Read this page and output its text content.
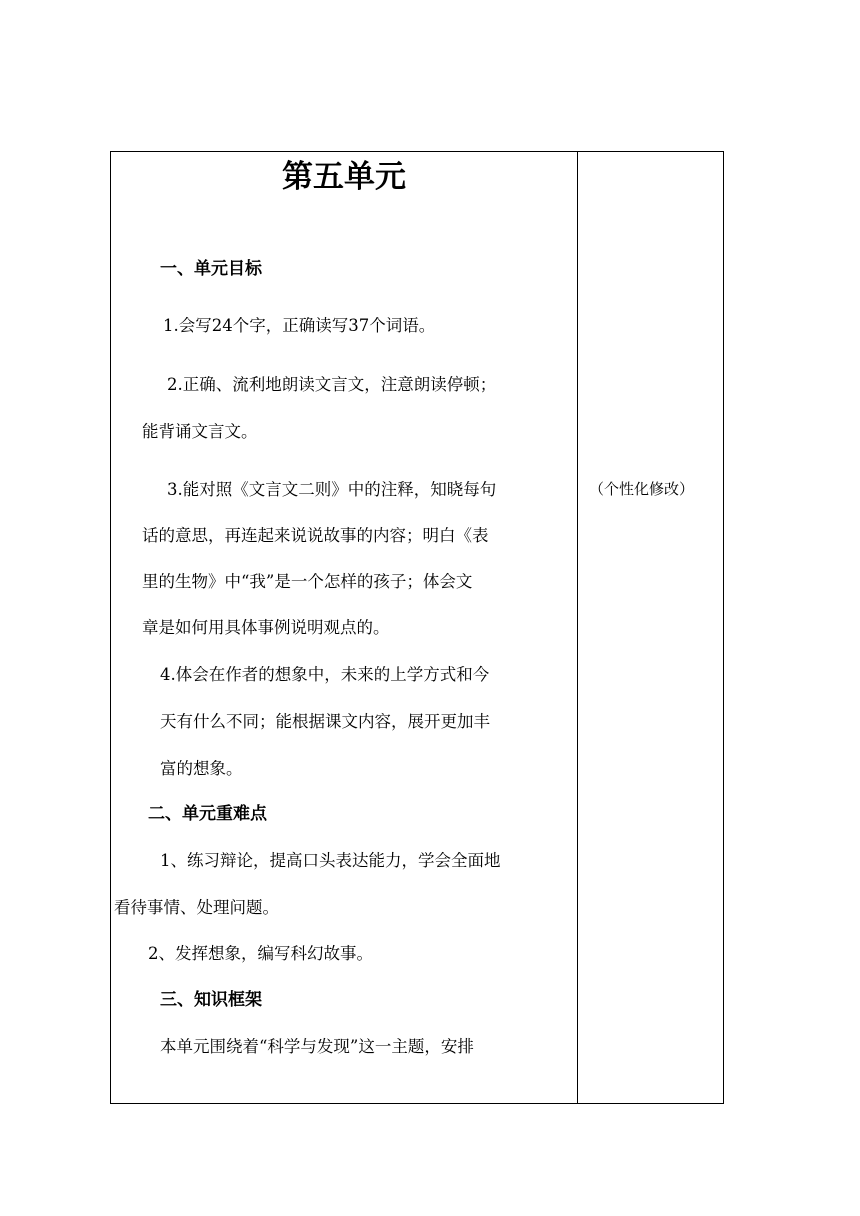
第五单元
一、单元目标
1.会写24个字，正确读写37个词语。
2.正确、流利地朗读文言文，注意朗读停顿；
能背诵文言文。
3.能对照《文言文二则》中的注释，知晓每句
话的意思，再连起来说说故事的内容；明白《表
里的生物》中“我”是一个怎样的孩子；体会文
章是如何用具体事例说明观点的。
4.体会在作者的想象中，未来的上学方式和今
天有什么不同；能根据课文内容，展开更加丰
富的想象。
二、单元重难点
1、练习辩论，提高口头表达能力，学会全面地
看待事情、处理问题。
2、发挥想象，编写科幻故事。
三、知识框架
本单元围绕着“科学与发现”这一主题，安排
（个性化修改）
